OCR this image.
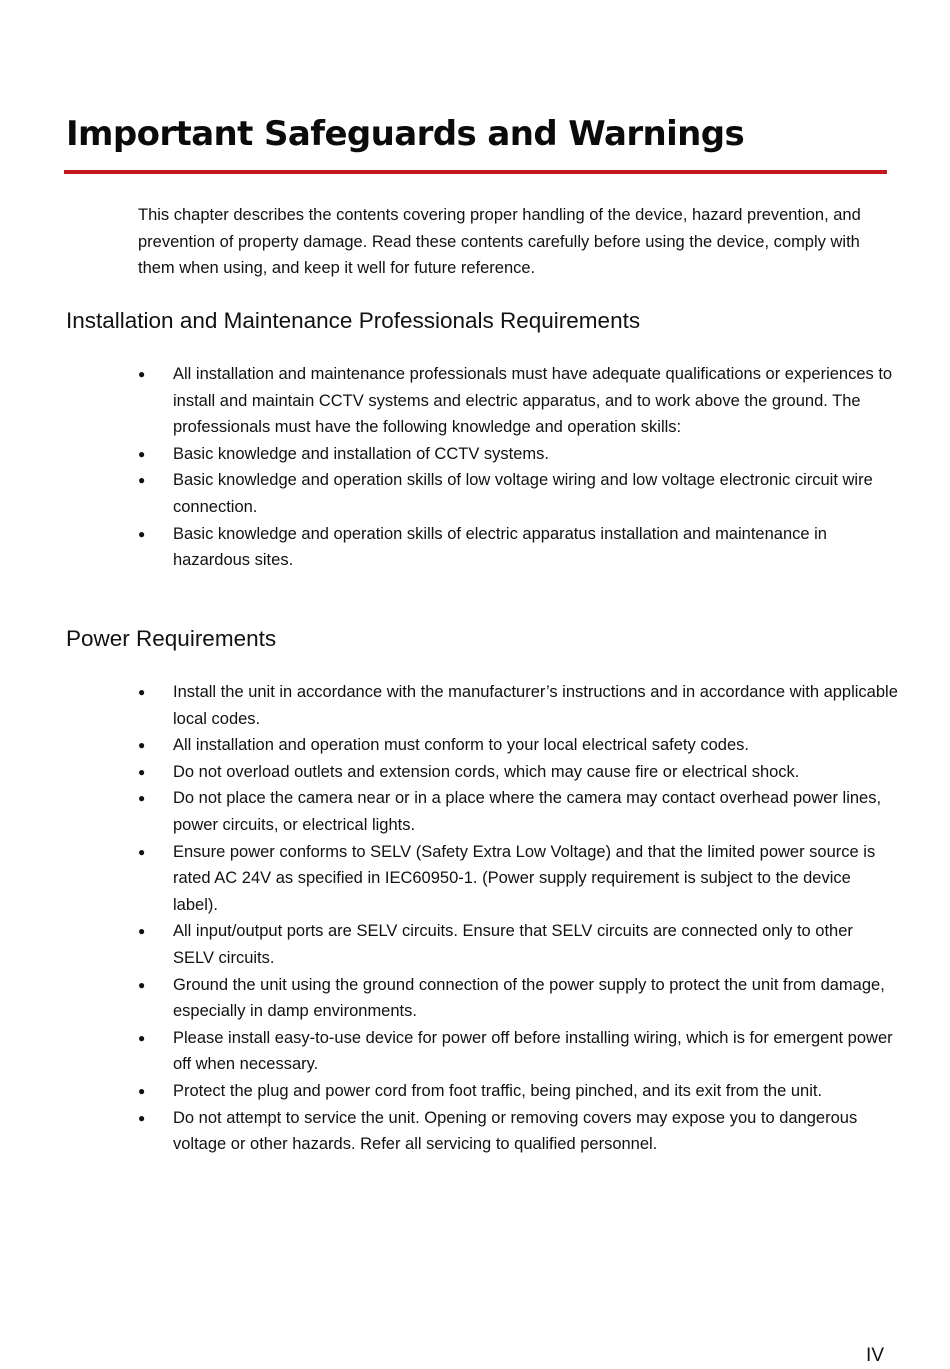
Important Safeguards and Warnings

This chapter describes the contents covering proper handling of the device, hazard prevention, and prevention of property damage. Read these contents carefully before using the device, comply with them when using, and keep it well for future reference.

Installation and Maintenance Professionals Requirements
● All installation and maintenance professionals must have adequate qualifications or experiences to install and maintain CCTV systems and electric apparatus, and to work above the ground. The professionals must have the following knowledge and operation skills:
● Basic knowledge and installation of CCTV systems.
● Basic knowledge and operation skills of low voltage wiring and low voltage electronic circuit wire connection.
● Basic knowledge and operation skills of electric apparatus installation and maintenance in hazardous sites.
Power Requirements
● Install the unit in accordance with the manufacturer’s instructions and in accordance with applicable local codes.
● All installation and operation must conform to your local electrical safety codes.
● Do not overload outlets and extension cords, which may cause fire or electrical shock.
● Do not place the camera near or in a place where the camera may contact overhead power lines, power circuits, or electrical lights.
● Ensure power conforms to SELV (Safety Extra Low Voltage) and that the limited power source is rated AC 24V as specified in IEC60950-1. (Power supply requirement is subject to the device label).
● All input/output ports are SELV circuits. Ensure that SELV circuits are connected only to other SELV circuits.
● Ground the unit using the ground connection of the power supply to protect the unit from damage, especially in damp environments.
● Please install easy-to-use device for power off before installing wiring, which is for emergent power off when necessary.
● Protect the plug and power cord from foot traffic, being pinched, and its exit from the unit.
● Do not attempt to service the unit. Opening or removing covers may expose you to dangerous voltage or other hazards. Refer all servicing to qualified personnel.
IV
